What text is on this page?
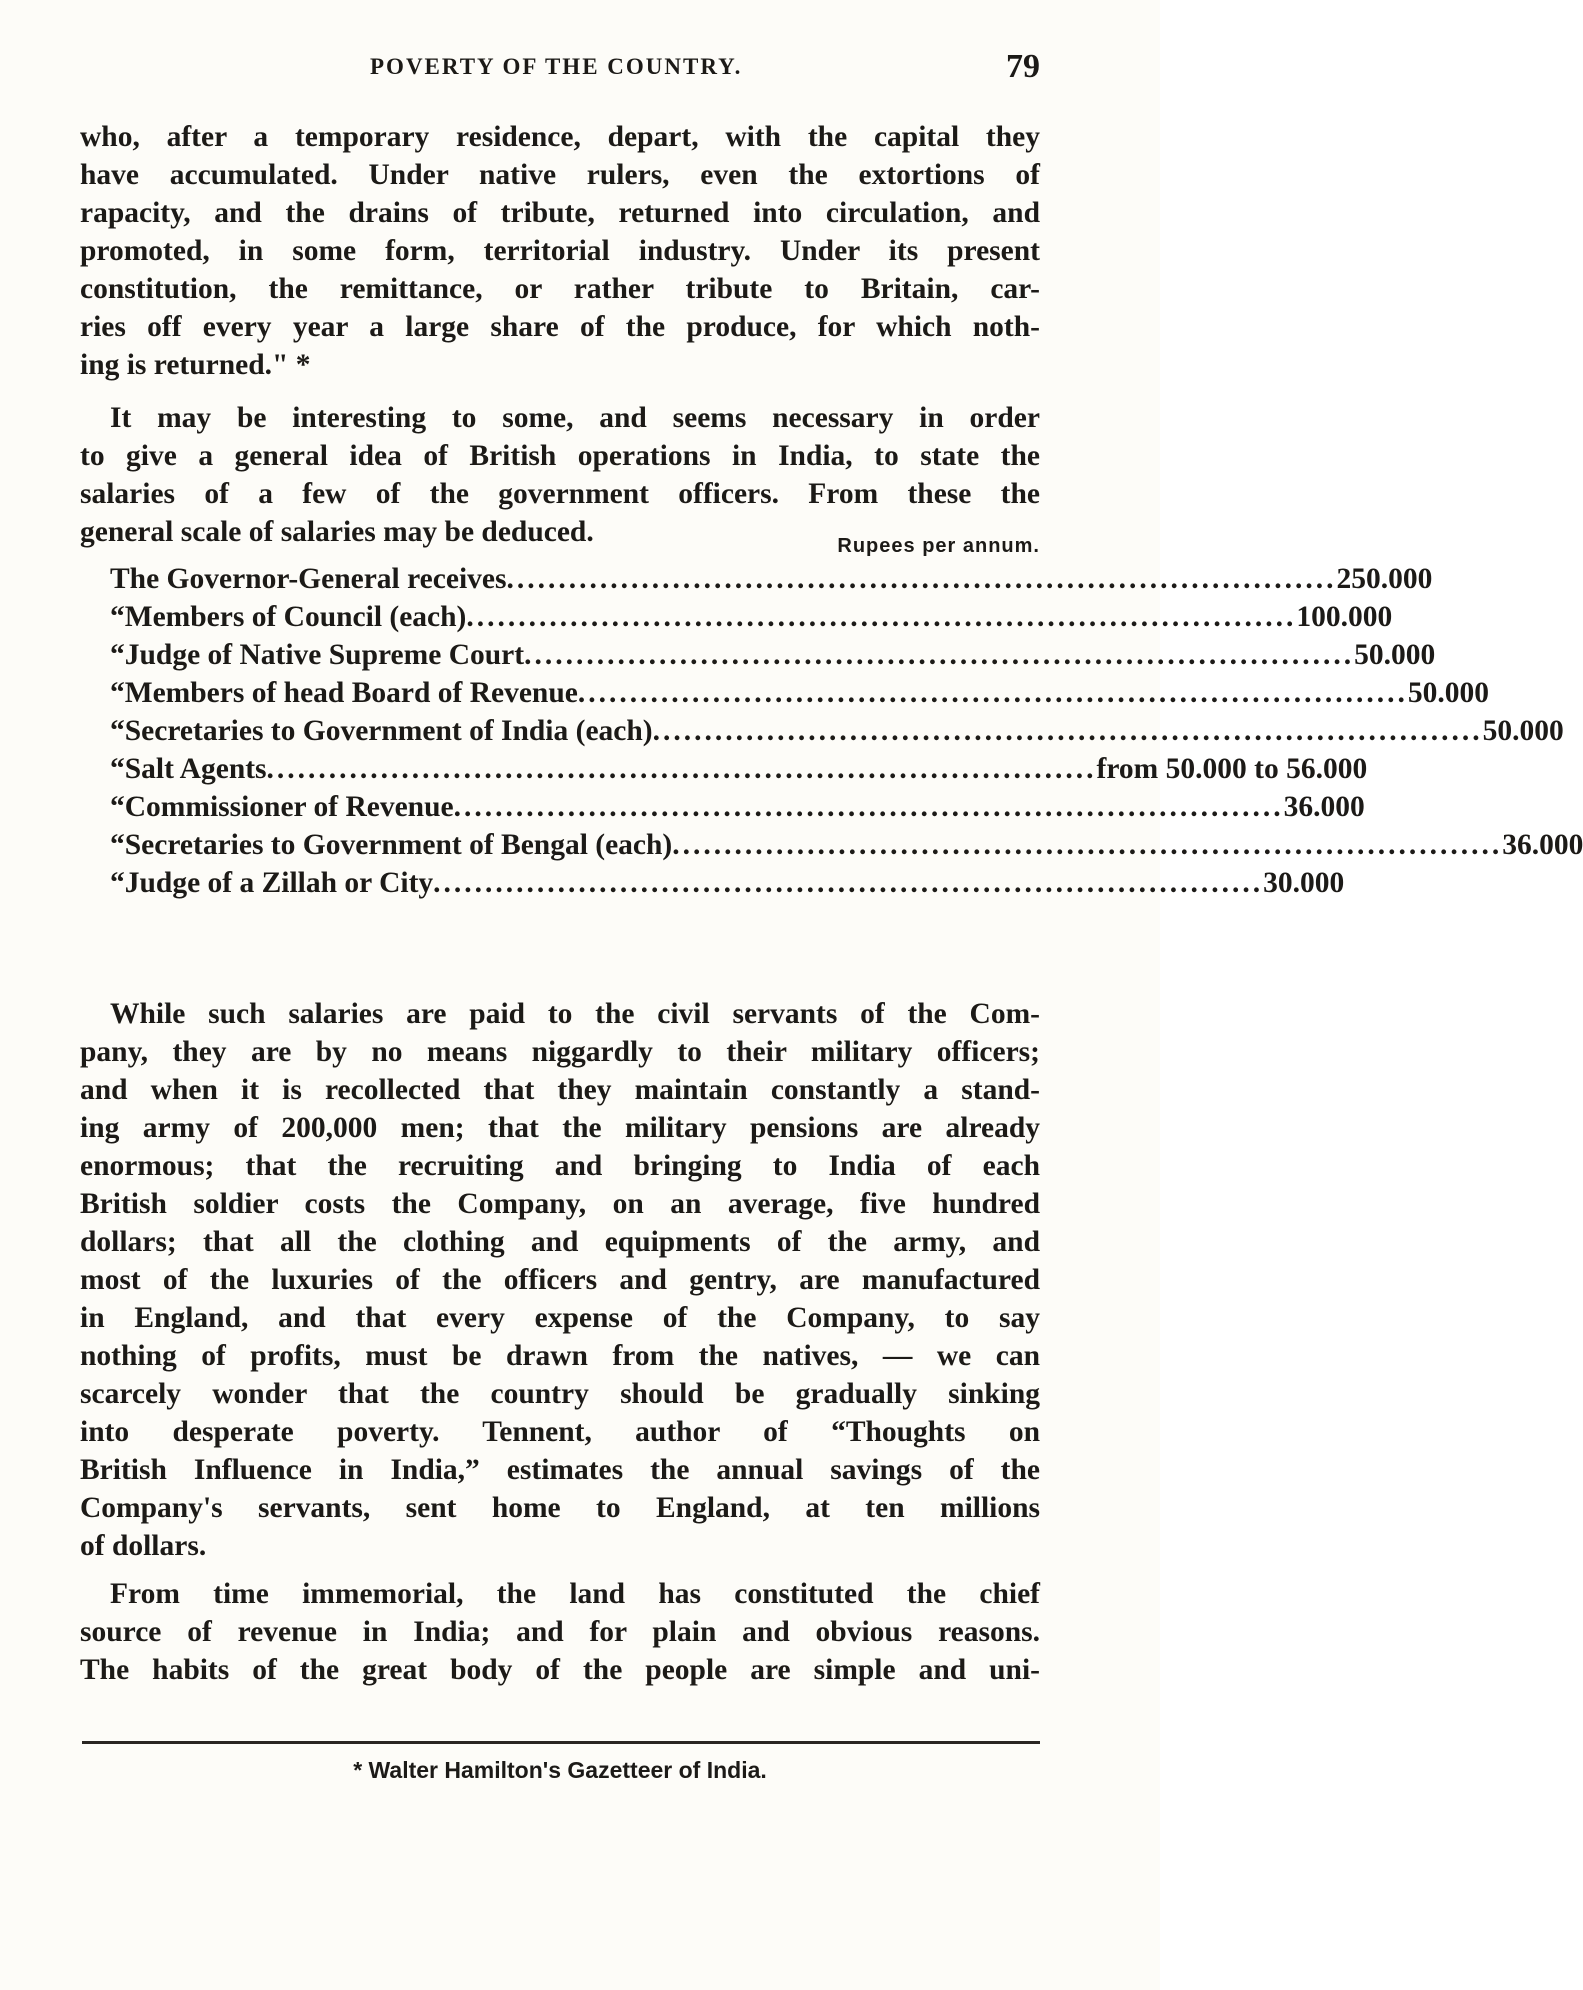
POVERTY OF THE COUNTRY.	79
who, after a temporary residence, depart, with the capital they
have accumulated. Under native rulers, even the extortions of
rapacity, and the drains of tribute, returned into circulation, and
promoted, in some form, territorial industry. Under its present
constitution, the remittance, or rather tribute to Britain, car-
ries off every year a large share of the produce, for which noth-
ing is returned." *
It may be interesting to some, and seems necessary in order
to give a general idea of British operations in India, to state the
salaries of a few of the government officers. From these the
general scale of salaries may be deduced.	Rupees per annum.
The Governor-General receives ................................................................................ 250.000
“ Members of Council (each) ................................................................................ 100.000
“ Judge of Native Supreme Court ................................................................................ 50.000
“ Members of head Board of Revenue ................................................................................ 50.000
“ Secretaries to Government of India (each) ................................................................................ 50.000
“ Salt Agents ................................................................................ from 50.000 to 56.000
“ Commissioner of Revenue ................................................................................ 36.000
“ Secretaries to Government of Bengal (each) ................................................................................ 36.000
“ Judge of a Zillah or City ................................................................................ 30.000
While such salaries are paid to the civil servants of the Com-
pany, they are by no means niggardly to their military officers;
and when it is recollected that they maintain constantly a stand-
ing army of 200,000 men; that the military pensions are already
enormous; that the recruiting and bringing to India of each
British soldier costs the Company, on an average, five hundred
dollars; that all the clothing and equipments of the army, and
most of the luxuries of the officers and gentry, are manufactured
in England, and that every expense of the Company, to say
nothing of profits, must be drawn from the natives, — we can
scarcely wonder that the country should be gradually sinking
into desperate poverty. Tennent, author of “Thoughts on
British Influence in India,” estimates the annual savings of the
Company's servants, sent home to England, at ten millions
of dollars.
From time immemorial, the land has constituted the chief
source of revenue in India; and for plain and obvious reasons.
The habits of the great body of the people are simple and uni-
* Walter Hamilton's Gazetteer of India.
